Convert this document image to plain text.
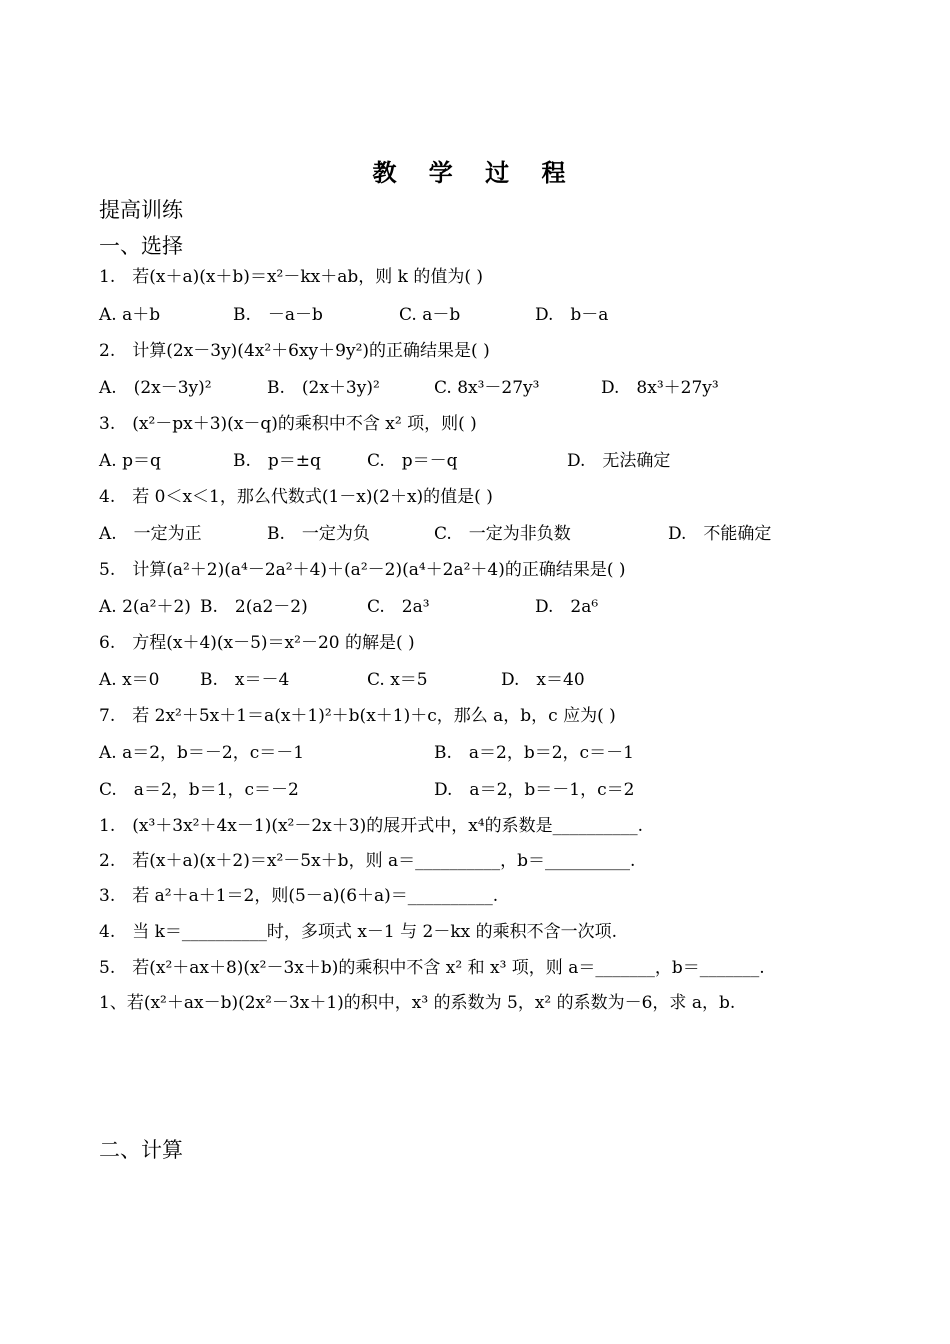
教 学 过 程
提高训练
一、选择
1.　若(x＋a)(x＋b)＝x²－kx＋ab，则 k 的值为( )
A. a＋b	B.　－a－b	C. a－b	D.　b－a
2.　计算(2x－3y)(4x²＋6xy＋9y²)的正确结果是( )
A.　(2x－3y)²	B.　(2x＋3y)²	C. 8x³－27y³	D.　8x³＋27y³
3.　(x²－px＋3)(x－q)的乘积中不含 x² 项，则( )
A. p＝q	B.　p＝±q	C.　p＝－q	D.　无法确定
4.　若 0＜x＜1，那么代数式(1－x)(2＋x)的值是( )
A.　一定为正	B.　一定为负	C.　一定为非负数	D.　不能确定
5.　计算(a²＋2)(a⁴－2a²＋4)＋(a²－2)(a⁴＋2a²＋4)的正确结果是( )
A. 2(a²＋2) B.　2(a2－2)	C.　2a³	D.　2a⁶
6.　方程(x＋4)(x－5)＝x²－20 的解是( )
A. x＝0 B.　x＝－4	C. x＝5	D.　x＝40
7.　若 2x²＋5x＋1＝a(x＋1)²＋b(x＋1)＋c，那么 a，b，c 应为( )
A. a＝2，b＝－2，c＝－1	B.　a＝2，b＝2，c＝－1
C.　a＝2，b＝1，c＝－2	D.　a＝2，b＝－1，c＝2
1.　(x³＋3x²＋4x－1)(x²－2x＋3)的展开式中，x⁴的系数是__________.
2.　若(x＋a)(x＋2)＝x²－5x＋b，则 a＝__________，b＝__________.
3.　若 a²＋a＋1＝2，则(5－a)(6＋a)＝__________.
4.　当 k＝__________时，多项式 x－1 与 2－kx 的乘积不含一次项.
5.　若(x²＋ax＋8)(x²－3x＋b)的乘积中不含 x² 和 x³ 项，则 a＝_______，b＝_______.
1、若(x²＋ax－b)(2x²－3x＋1)的积中，x³ 的系数为 5，x² 的系数为－6，求 a，b.
二、计算
